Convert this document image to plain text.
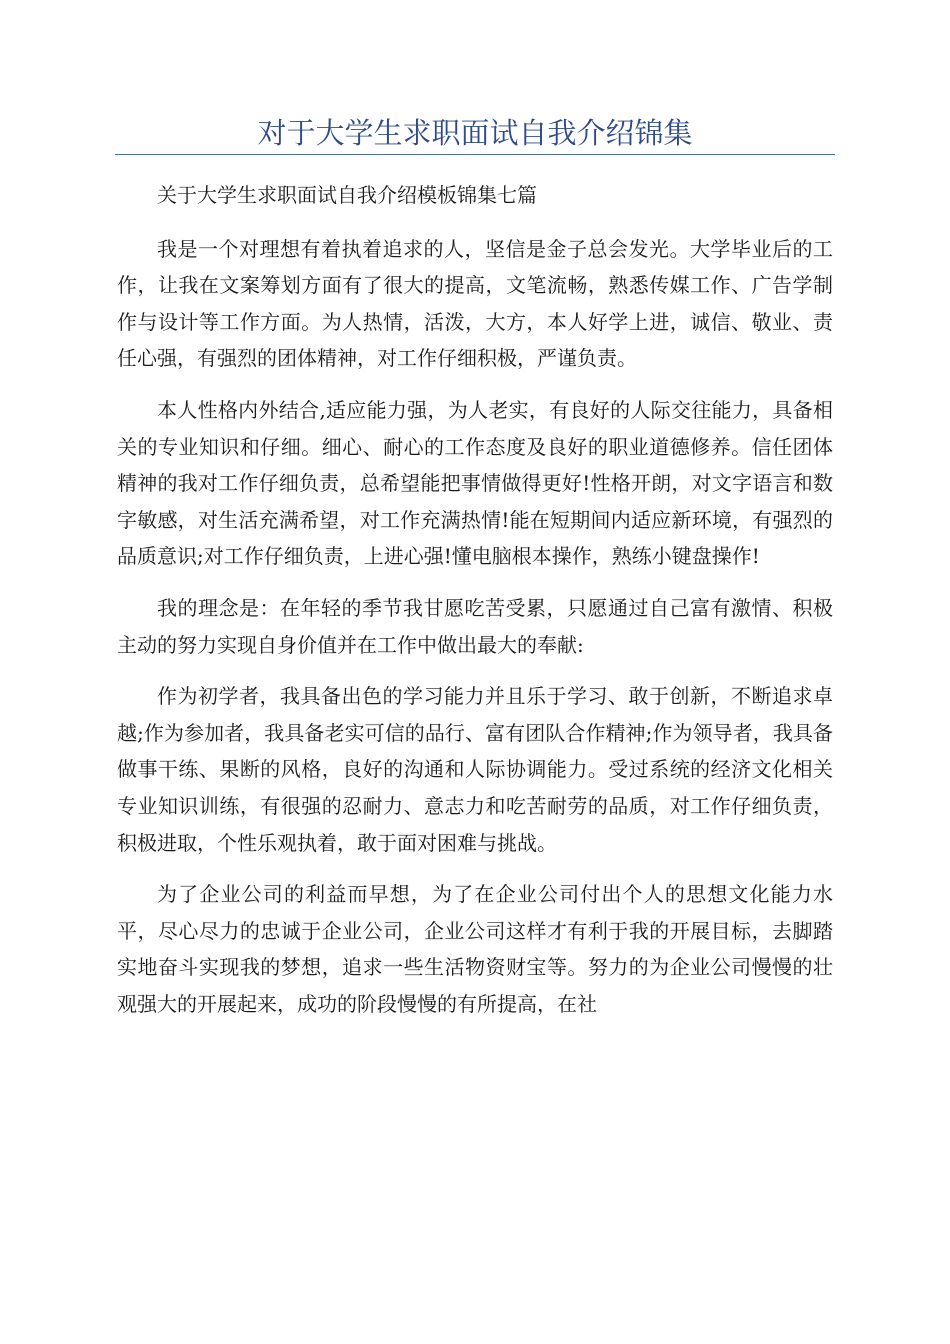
对于大学生求职面试自我介绍锦集

关于大学生求职面试自我介绍模板锦集七篇

我是一个对理想有着执着追求的人，坚信是金子总会发光。大学毕业后的工作，让我在文案筹划方面有了很大的提高，文笔流畅，熟悉传媒工作、广告学制作与设计等工作方面。为人热情，活泼，大方，本人好学上进，诚信、敬业、责任心强，有强烈的团体精神，对工作仔细积极，严谨负责。

本人性格内外结合,适应能力强，为人老实，有良好的人际交往能力，具备相关的专业知识和仔细。细心、耐心的工作态度及良好的职业道德修养。信任团体精神的我对工作仔细负责，总希望能把事情做得更好!性格开朗，对文字语言和数字敏感，对生活充满希望，对工作充满热情!能在短期间内适应新环境，有强烈的品质意识;对工作仔细负责，上进心强!懂电脑根本操作，熟练小键盘操作!

我的理念是：在年轻的季节我甘愿吃苦受累，只愿通过自己富有激情、积极主动的努力实现自身价值并在工作中做出最大的奉献:

作为初学者，我具备出色的学习能力并且乐于学习、敢于创新，不断追求卓越;作为参加者，我具备老实可信的品行、富有团队合作精神;作为领导者，我具备做事干练、果断的风格，良好的沟通和人际协调能力。受过系统的经济文化相关专业知识训练，有很强的忍耐力、意志力和吃苦耐劳的品质，对工作仔细负责，积极进取，个性乐观执着，敢于面对困难与挑战。

为了企业公司的利益而早想，为了在企业公司付出个人的思想文化能力水平，尽心尽力的忠诚于企业公司，企业公司这样才有利于我的开展目标，去脚踏实地奋斗实现我的梦想，追求一些生活物资财宝等。努力的为企业公司慢慢的壮观强大的开展起来，成功的阶段慢慢的有所提高，在社
